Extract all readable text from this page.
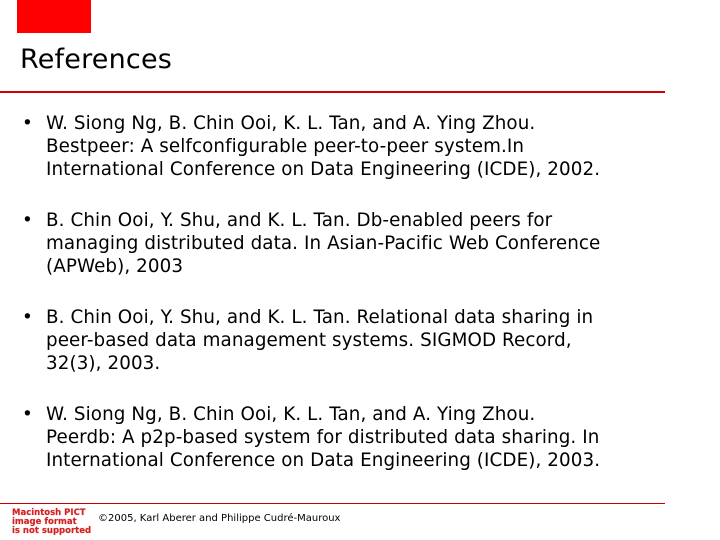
References
• W. Siong Ng, B. Chin Ooi, K. L. Tan, and A. Ying Zhou.
Bestpeer: A selfconfigurable peer-to-peer system.In
International Conference on Data Engineering (ICDE), 2002.
• B. Chin Ooi, Y. Shu, and K. L. Tan. Db-enabled peers for
managing distributed data. In Asian-Pacific Web Conference
(APWeb), 2003
• B. Chin Ooi, Y. Shu, and K. L. Tan. Relational data sharing in
peer-based data management systems. SIGMOD Record,
32(3), 2003.
• W. Siong Ng, B. Chin Ooi, K. L. Tan, and A. Ying Zhou.
Peerdb: A p2p-based system for distributed data sharing. In
International Conference on Data Engineering (ICDE), 2003.
Macintosh PICT
image format
is not supported
©2005, Karl Aberer and Philippe Cudré-Mauroux
